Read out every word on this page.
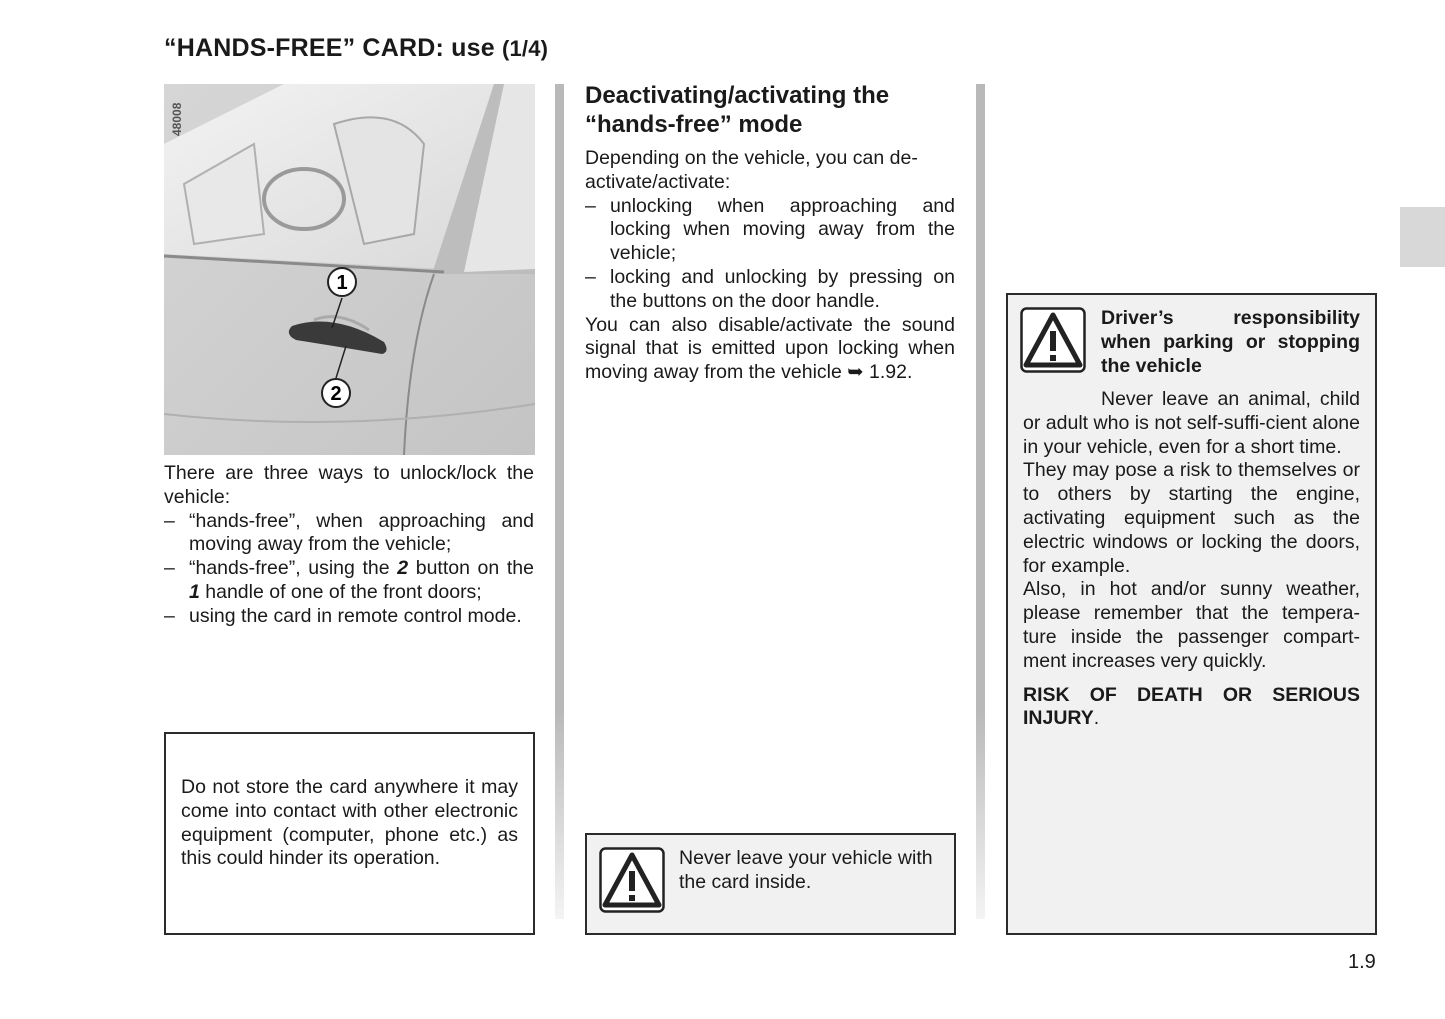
“HANDS-FREE” CARD: use (1/4)
1
2
48008
There are three ways to unlock/lock the vehicle:
– “hands-free”, when approaching and moving away from the vehicle;
– “hands-free”, using the 2 button on the 1 handle of one of the front doors;
– using the card in remote control mode.
Deactivating/activating the “hands-free” mode
Depending on the vehicle, you can de-activate/activate:
– unlocking when approaching and locking when moving away from the vehicle;
– locking and unlocking by pressing on the buttons on the door handle.
You can also disable/activate the sound signal that is emitted upon locking when moving away from the vehicle ➥ 1.92.
Do not store the card anywhere it may come into contact with other electronic equipment (computer, phone etc.) as this could hinder its operation.	Never leave your vehicle with the card inside.
Driver’s responsibility when parking or stopping the vehicle

Never leave an animal, child or adult who is not self-suffi-cient alone in your vehicle, even for a short time.

They may pose a risk to themselves or to others by starting the engine, activating equipment such as the electric windows or locking the doors, for example.

Also, in hot and/or sunny weather, please remember that the tempera-ture inside the passenger compart-ment increases very quickly.

RISK OF DEATH OR SERIOUS INJURY.

1.9
